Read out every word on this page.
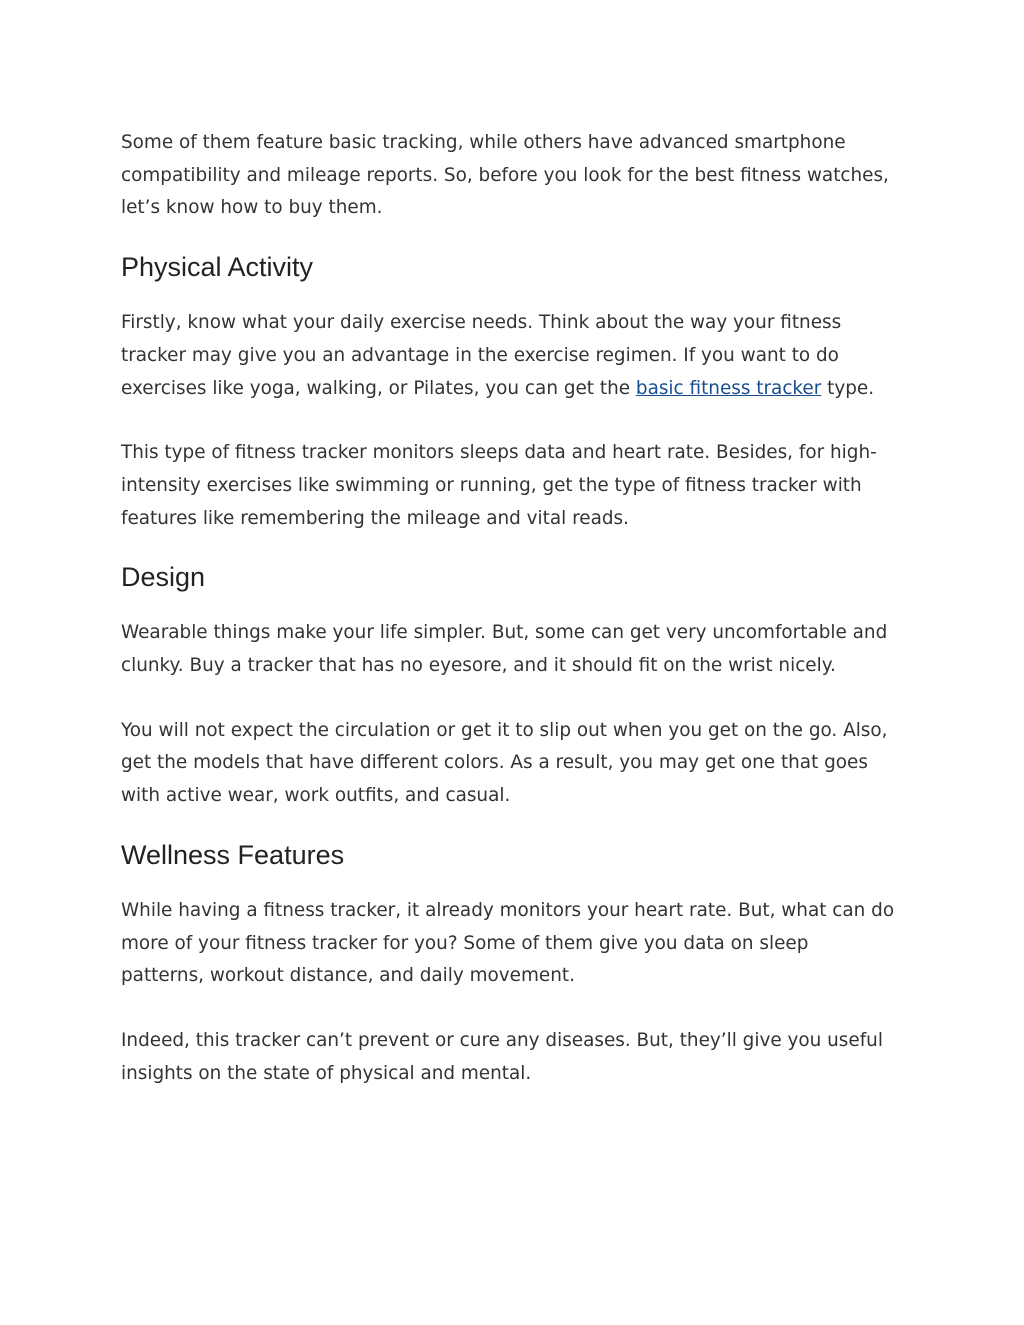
Some of them feature basic tracking, while others have advanced smartphone compatibility and mileage reports. So, before you look for the best fitness watches, let’s know how to buy them.

Physical Activity

Firstly, know what your daily exercise needs. Think about the way your fitness tracker may give you an advantage in the exercise regimen. If you want to do exercises like yoga, walking, or Pilates, you can get the basic fitness tracker type.

This type of fitness tracker monitors sleeps data and heart rate. Besides, for high-intensity exercises like swimming or running, get the type of fitness tracker with features like remembering the mileage and vital reads.

Design

Wearable things make your life simpler. But, some can get very uncomfortable and clunky. Buy a tracker that has no eyesore, and it should fit on the wrist nicely.

You will not expect the circulation or get it to slip out when you get on the go. Also, get the models that have different colors. As a result, you may get one that goes with active wear, work outfits, and casual.

Wellness Features

While having a fitness tracker, it already monitors your heart rate. But, what can do more of your fitness tracker for you? Some of them give you data on sleep patterns, workout distance, and daily movement.

Indeed, this tracker can’t prevent or cure any diseases. But, they’ll give you useful insights on the state of physical and mental.
